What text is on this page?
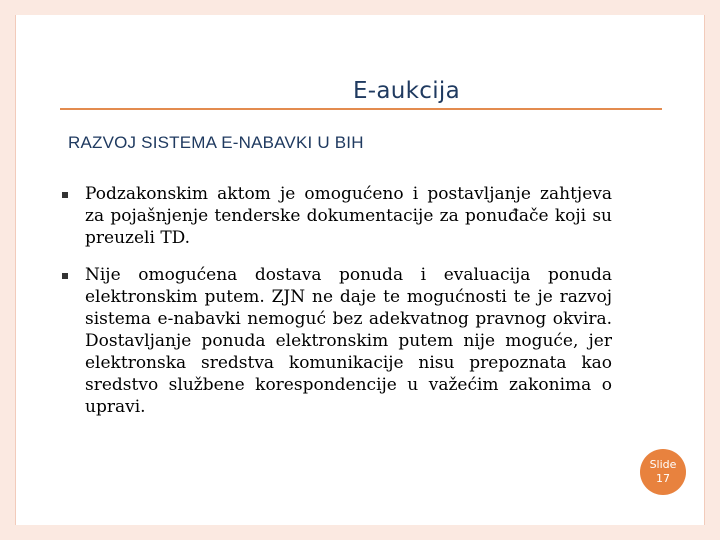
E-aukcija
RAZVOJ SISTEMA E-NABAVKI U BIH
Podzakonskim aktom je omogućeno i postavljanje zahtjeva za pojašnjenje tenderske dokumentacije za ponuđače koji su preuzeli TD.
Nije omogućena dostava ponuda i evaluacija ponuda elektronskim putem. ZJN ne daje te mogućnosti te je razvoj sistema e-nabavki nemoguć bez adekvatnog pravnog okvira. Dostavljanje ponuda elektronskim putem nije moguće, jer elektronska sredstva komunikacije nisu prepoznata kao sredstvo službene korespondencije u važećim zakonima o upravi.
Slide
17
